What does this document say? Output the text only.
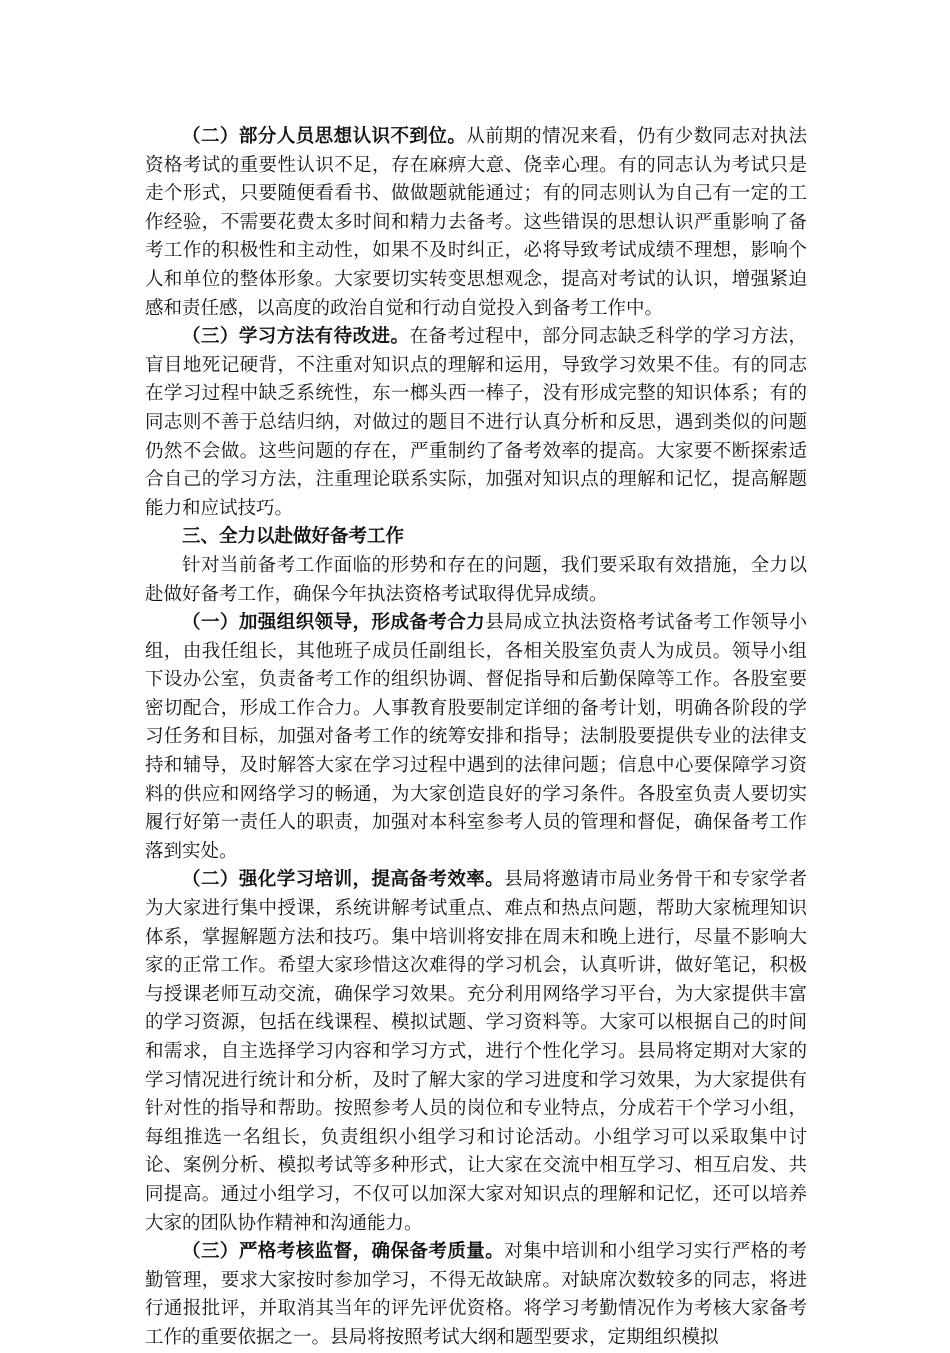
（二）部分人员思想认识不到位。从前期的情况来看，仍有少数同志对执法资格考试的重要性认识不足，存在麻痹大意、侥幸心理。有的同志认为考试只是走个形式，只要随便看看书、做做题就能通过；有的同志则认为自己有一定的工作经验，不需要花费太多时间和精力去备考。这些错误的思想认识严重影响了备考工作的积极性和主动性，如果不及时纠正，必将导致考试成绩不理想，影响个人和单位的整体形象。大家要切实转变思想观念，提高对考试的认识，增强紧迫感和责任感，以高度的政治自觉和行动自觉投入到备考工作中。

（三）学习方法有待改进。在备考过程中，部分同志缺乏科学的学习方法，盲目地死记硬背，不注重对知识点的理解和运用，导致学习效果不佳。有的同志在学习过程中缺乏系统性，东一榔头西一棒子，没有形成完整的知识体系；有的同志则不善于总结归纳，对做过的题目不进行认真分析和反思，遇到类似的问题仍然不会做。这些问题的存在，严重制约了备考效率的提高。大家要不断探索适合自己的学习方法，注重理论联系实际，加强对知识点的理解和记忆，提高解题能力和应试技巧。

三、全力以赴做好备考工作

针对当前备考工作面临的形势和存在的问题，我们要采取有效措施，全力以赴做好备考工作，确保今年执法资格考试取得优异成绩。

（一）加强组织领导，形成备考合力县局成立执法资格考试备考工作领导小组，由我任组长，其他班子成员任副组长，各相关股室负责人为成员。领导小组下设办公室，负责备考工作的组织协调、督促指导和后勤保障等工作。各股室要密切配合，形成工作合力。人事教育股要制定详细的备考计划，明确各阶段的学习任务和目标，加强对备考工作的统筹安排和指导；法制股要提供专业的法律支持和辅导，及时解答大家在学习过程中遇到的法律问题；信息中心要保障学习资料的供应和网络学习的畅通，为大家创造良好的学习条件。各股室负责人要切实履行好第一责任人的职责，加强对本科室参考人员的管理和督促，确保备考工作落到实处。

（二）强化学习培训，提高备考效率。县局将邀请市局业务骨干和专家学者为大家进行集中授课，系统讲解考试重点、难点和热点问题，帮助大家梳理知识体系，掌握解题方法和技巧。集中培训将安排在周末和晚上进行，尽量不影响大家的正常工作。希望大家珍惜这次难得的学习机会，认真听讲，做好笔记，积极与授课老师互动交流，确保学习效果。充分利用网络学习平台，为大家提供丰富的学习资源，包括在线课程、模拟试题、学习资料等。大家可以根据自己的时间和需求，自主选择学习内容和学习方式，进行个性化学习。县局将定期对大家的学习情况进行统计和分析，及时了解大家的学习进度和学习效果，为大家提供有针对性的指导和帮助。按照参考人员的岗位和专业特点，分成若干个学习小组，每组推选一名组长，负责组织小组学习和讨论活动。小组学习可以采取集中讨论、案例分析、模拟考试等多种形式，让大家在交流中相互学习、相互启发、共同提高。通过小组学习，不仅可以加深大家对知识点的理解和记忆，还可以培养大家的团队协作精神和沟通能力。

（三）严格考核监督，确保备考质量。对集中培训和小组学习实行严格的考勤管理，要求大家按时参加学习，不得无故缺席。对缺席次数较多的同志，将进行通报批评，并取消其当年的评先评优资格。将学习考勤情况作为考核大家备考工作的重要依据之一。县局将按照考试大纲和题型要求，定期组织模拟
